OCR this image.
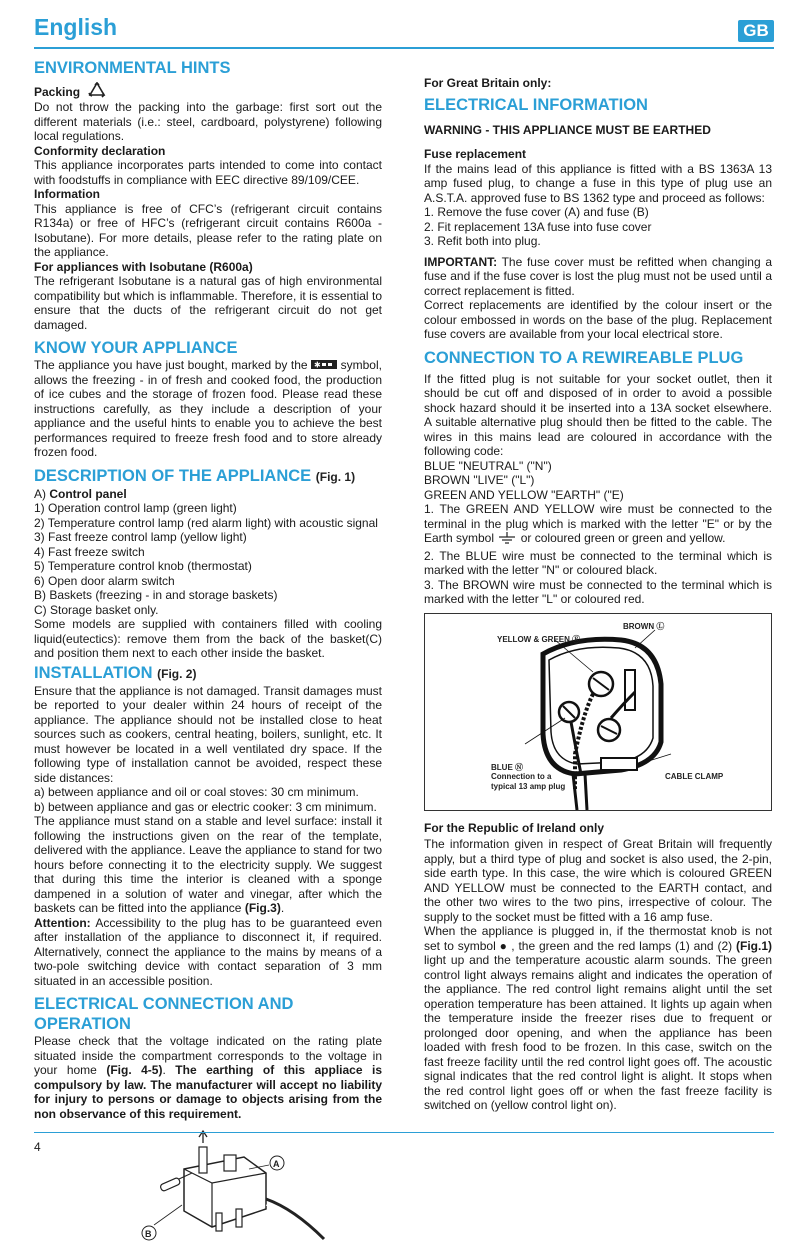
English	GB
ENVIRONMENTAL HINTS
Packing

Do not throw the packing into the garbage: first sort out the different materials (i.e.: steel, cardboard, polystyrene) following local regulations.

Conformity declaration

This appliance incorporates parts intended to come into contact with foodstuffs in compliance with EEC directive 89/109/CEE.

Information

This appliance is free of CFC’s (refrigerant circuit contains R134a) or free of HFC’s (refrigerant circuit contains R600a - Isobutane). For more details, please refer to the rating plate on the appliance.

For appliances with Isobutane (R600a)

The refrigerant Isobutane is a natural gas of high environmental compatibility but which is inflammable. Therefore, it is essential to ensure that the ducts of the refrigerant circuit do not get damaged.

KNOW YOUR APPLIANCE

The appliance you have just bought, marked by the ✱ symbol, allows the freezing - in of fresh and cooked food, the production of ice cubes and the storage of frozen food. Please read these instructions carefully, as they include a description of your appliance and the useful hints to enable you to achieve the best performances required to freeze fresh food and to store already frozen food.

DESCRIPTION OF THE APPLIANCE (Fig. 1)

A) Control panel

1) Operation control lamp (green light)

2) Temperature control lamp (red alarm light) with acoustic signal

3) Fast freeze control lamp (yellow light)

4) Fast freeze switch

5) Temperature control knob (thermostat)

6) Open door alarm switch

B) Baskets (freezing - in and storage baskets)

C) Storage basket only.

Some models are supplied with containers filled with cooling liquid(eutectics): remove them from the back of the basket(C) and position them next to each other inside the basket.

INSTALLATION (Fig. 2)

Ensure that the appliance is not damaged. Transit damages must be reported to your dealer within 24 hours of receipt of the appliance. The appliance should not be installed close to heat sources such as cookers, central heating, boilers, sunlight, etc. It must however be located in a well ventilated dry space. If the following type of installation cannot be avoided, respect these side distances:

a) between appliance and oil or coal stoves: 30 cm minimum.

b) between appliance and gas or electric cooker: 3 cm minimum.

The appliance must stand on a stable and level surface: install it following the instructions given on the rear of the template, delivered with the appliance. Leave the appliance to stand for two hours before connecting it to the electricity supply. We suggest that during this time the interior is cleaned with a sponge dampened in a solution of water and vinegar, after which the baskets can be fitted into the appliance (Fig.3).

Attention: Accessibility to the plug has to be guaranteed even after installation of the appliance to disconnect it, if required. Alternatively, connect the appliance to the mains by means of a two-pole switching device with contact separation of 3 mm situated in an accessible position.

ELECTRICAL CONNECTION AND OPERATION

Please check that the voltage indicated on the rating plate situated inside the compartment corresponds to the voltage in your home (Fig. 4-5). The earthing of this appliace is compulsory by law. The manufacturer will accept no liability for injury to persons or damage to objects arising from the non observance of this requirement.

A
B
For Great Britain only:
ELECTRICAL INFORMATION
WARNING - THIS APPLIANCE MUST BE EARTHED
Fuse replacement

If the mains lead of this appliance is fitted with a BS 1363A 13 amp fused plug, to change a fuse in this type of plug use an A.S.T.A. approved fuse to BS 1362 type and proceed as follows:

1. Remove the fuse cover (A) and fuse (B)

2. Fit replacement 13A fuse into fuse cover

3. Refit both into plug.

IMPORTANT: The fuse cover must be refitted when changing a fuse and if the fuse cover is lost the plug must not be used until a correct replacement is fitted.

Correct replacements are identified by the colour insert or the colour embossed in words on the base of the plug. Replacement fuse covers are available from your local electrical store.

CONNECTION TO A REWIREABLE PLUG

If the fitted plug is not suitable for your socket outlet, then it should be cut off and disposed of in order to avoid a possible shock hazard should it be inserted into a 13A socket elsewhere. A suitable alternative plug should then be fitted to the cable. The wires in this mains lead are coloured in accordance with the following code:

BLUE "NEUTRAL" ("N")

BROWN "LIVE" ("L")

GREEN AND YELLOW "EARTH" ("E)

1. The GREEN AND YELLOW wire must be connected to the terminal in the plug which is marked with the letter "E" or by the Earth symbol or coloured green or green and yellow.

2. The BLUE wire must be connected to the terminal which is marked with the letter "N" or coloured black.

3. The BROWN wire must be connected to the terminal which is marked with the letter "L" or coloured red.

BROWN Ⓛ
YELLOW & GREEN Ⓔ
BLUE Ⓝ
Connection to a
typical 13 amp plug
CABLE CLAMP
For the Republic of Ireland only

The information given in respect of Great Britain will frequently apply, but a third type of plug and socket is also used, the 2-pin, side earth type. In this case, the wire which is coloured GREEN AND YELLOW must be connected to the EARTH contact, and the other two wires to the two pins, irrespective of colour. The supply to the socket must be fitted with a 16 amp fuse.

When the appliance is plugged in, if the thermostat knob is not set to symbol ● , the green and the red lamps (1) and (2) (Fig.1) light up and the temperature acoustic alarm sounds. The green control light always remains alight and indicates the operation of the appliance. The red control light remains alight until the set operation temperature has been attained. It lights up again when the temperature inside the freezer rises due to frequent or prolonged door opening, and when the appliance has been loaded with fresh food to be frozen. In this case, switch on the fast freeze facility until the red control light goes off. The acoustic signal indicates that the red control light is alight. It stops when the red control light goes off or when the fast freeze facility is switched on (yellow control light on).

4
